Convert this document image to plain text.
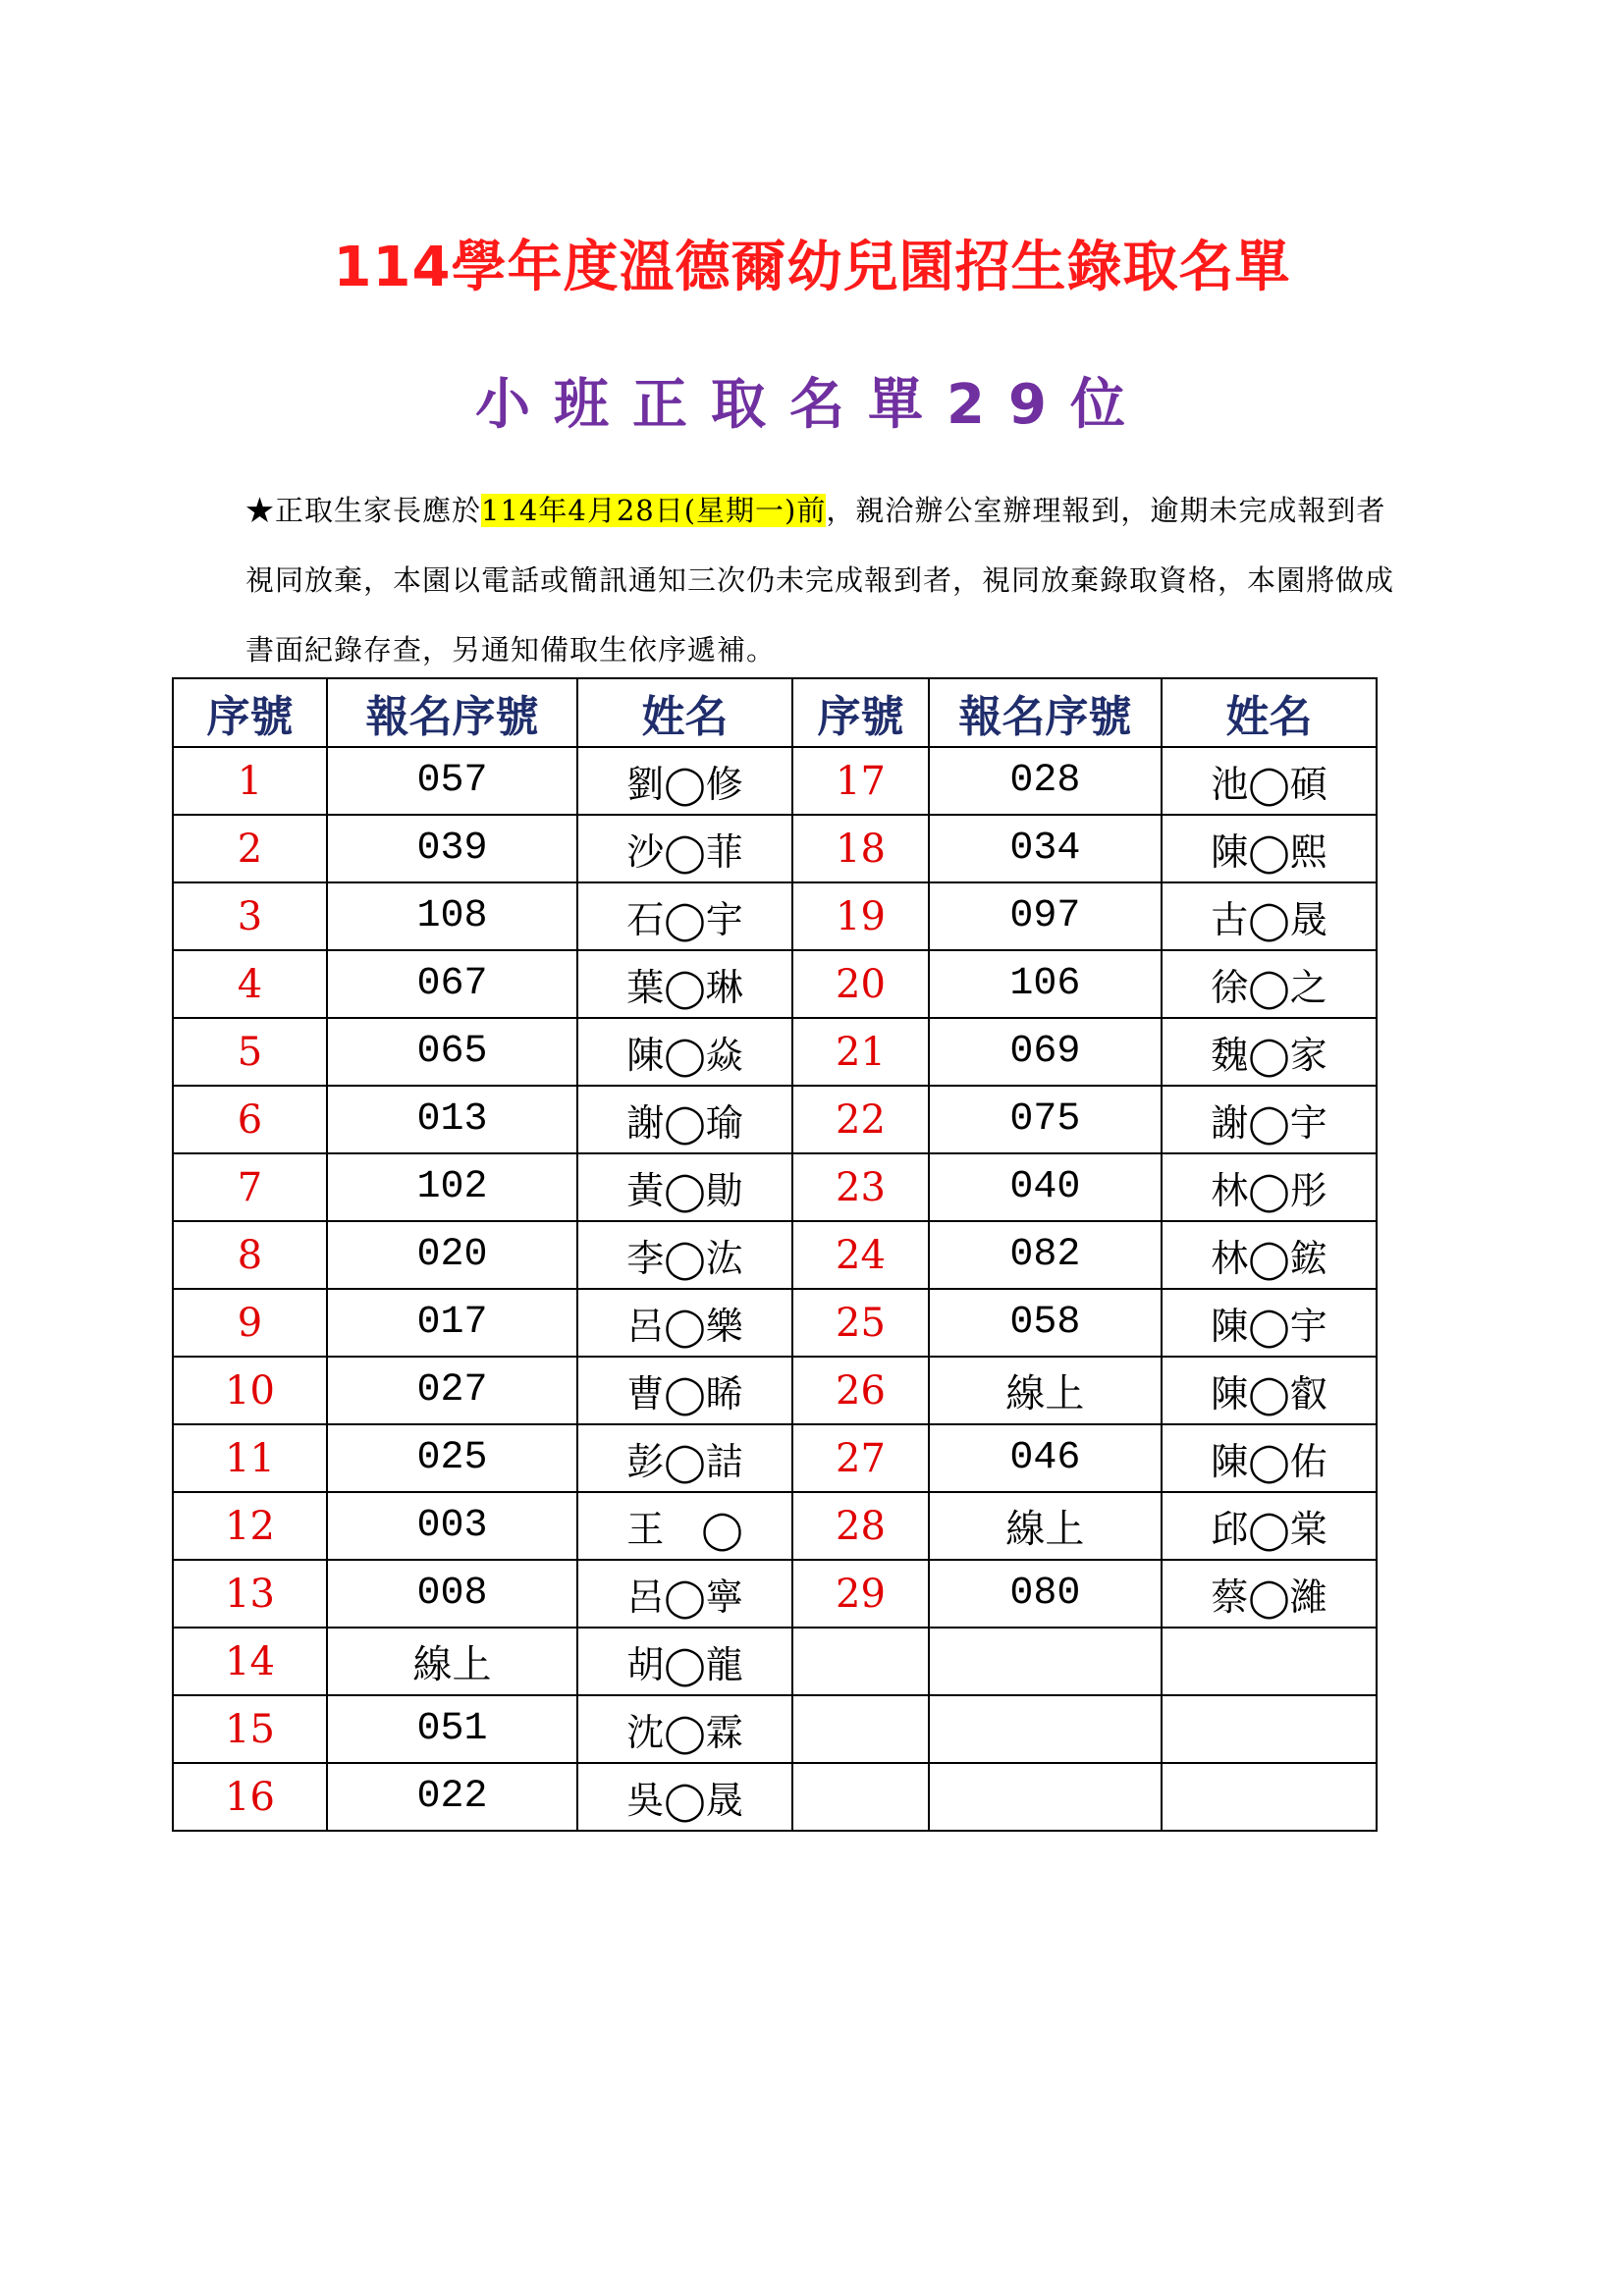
114學年度溫德爾幼兒園招生錄取名單
小班正取名單29位
★正取生家長應於114年4月28日(星期一)前，親洽辦公室辦理報到，逾期未完成報到者視同放棄，本園以電話或簡訊通知三次仍未完成報到者，視同放棄錄取資格，本園將做成書面紀錄存查，另通知備取生依序遞補。
序號	報名序號	姓名	序號	報名序號	姓名
1	057	劉◯修	17	028	池◯碩
2	039	沙◯菲	18	034	陳◯熙
3	108	石◯宇	19	097	古◯晟
4	067	葉◯琳	20	106	徐◯之
5	065	陳◯焱	21	069	魏◯家
6	013	謝◯瑜	22	075	謝◯宇
7	102	黃◯勛	23	040	林◯彤
8	020	李◯汯	24	082	林◯鋐
9	017	呂◯樂	25	058	陳◯宇
10	027	曹◯睎	26	線上	陳◯叡
11	025	彭◯詰	27	046	陳◯佑
12	003	王　◯	28	線上	邱◯棠
13	008	呂◯寧	29	080	蔡◯濰
14	線上	胡◯龍			
15	051	沈◯霖			
16	022	吳◯晟			
